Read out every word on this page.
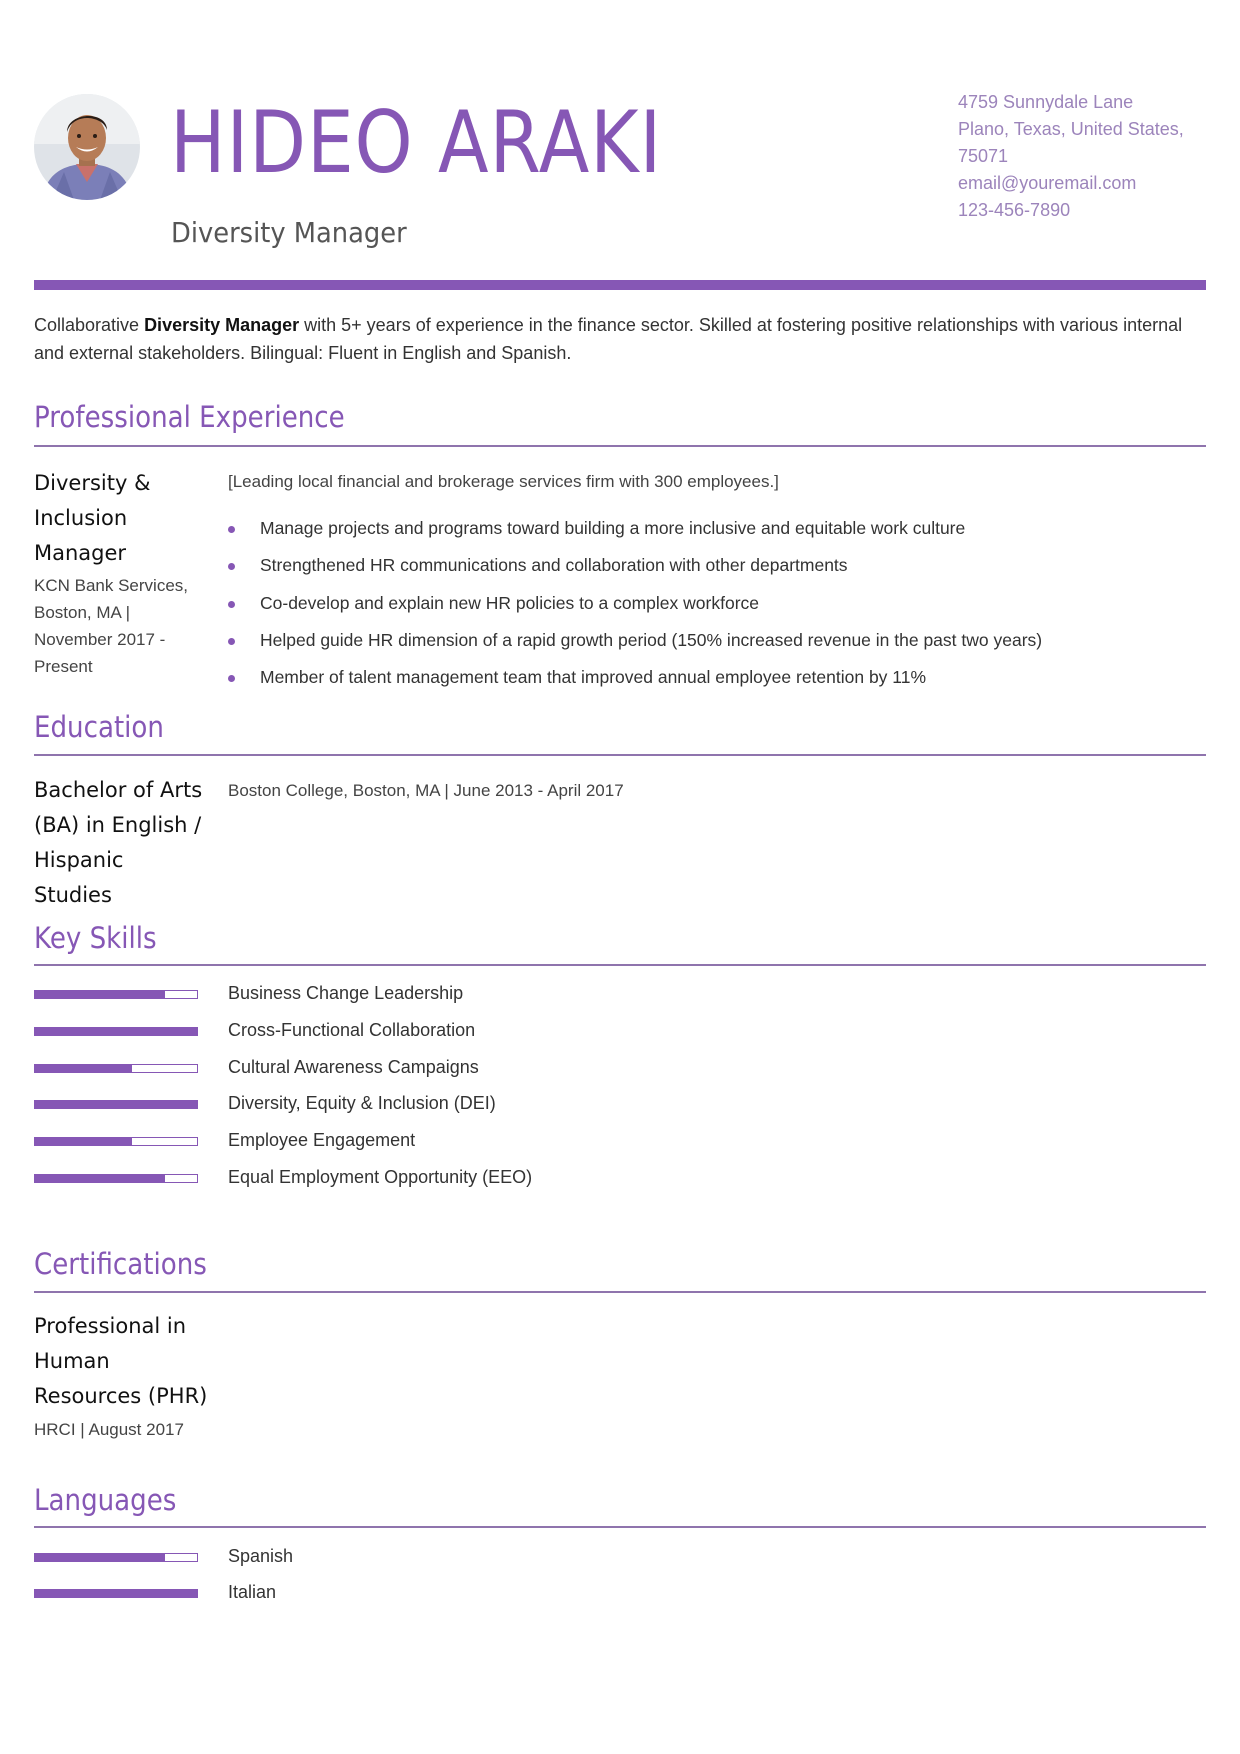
HIDEO ARAKI
Diversity Manager
4759 Sunnydale Lane
Plano, Texas, United States,
75071
email@youremail.com
123-456-7890

Collaborative Diversity Manager with 5+ years of experience in the finance sector. Skilled at fostering positive relationships with various internal and external stakeholders. Bilingual: Fluent in English and Spanish.

Professional Experience
Diversity & Inclusion Manager
KCN Bank Services, Boston, MA | November 2017 - Present
[Leading local financial and brokerage services firm with 300 employees.]
Manage projects and programs toward building a more inclusive and equitable work culture
Strengthened HR communications and collaboration with other departments
Co-develop and explain new HR policies to a complex workforce
Helped guide HR dimension of a rapid growth period (150% increased revenue in the past two years)
Member of talent management team that improved annual employee retention by 11%
Education
Bachelor of Arts (BA) in English / Hispanic Studies
Boston College, Boston, MA | June 2013 - April 2017
Key Skills
Business Change Leadership
Cross-Functional Collaboration
Cultural Awareness Campaigns
Diversity, Equity & Inclusion (DEI)
Employee Engagement
Equal Employment Opportunity (EEO)
Certifications
Professional in Human Resources (PHR)
HRCI | August 2017
Languages
Spanish
Italian
